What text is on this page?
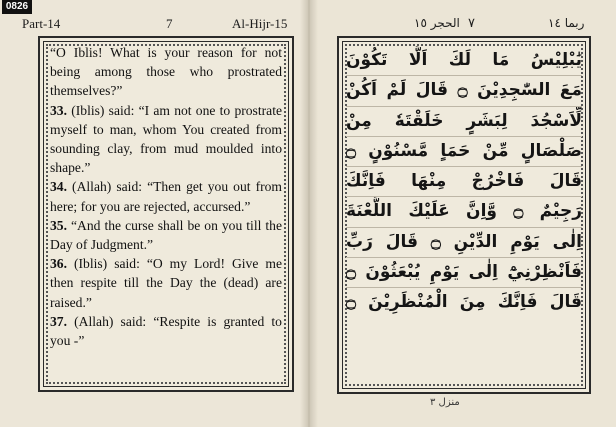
0826
Part-14	7	Al-Hijr-15	الحجر ١٥ ٧	ربما ١٤

“O Iblis! What is your reason for not being among those who prostrated themselves?”

33. (Iblis) said: “I am not one to prostrate myself to man, whom You created from sounding clay, from mud moulded into shape.”

34. (Allah) said: “Then get you out from here; for you are rejected, accursed.”

35. “And the curse shall be on you till the Day of Judgment.”

36. (Iblis) said: “O my Lord! Give me then respite till the Day the (dead) are raised.”

37. (Allah) said: “Respite is granted to you -”

يَٰٰبْلِيْسُ مَا لَكَ اَلَّا تَكُوْنَ
مَعَ السّٰجِدِيْنَ ۝ قَالَ لَمْ اَكُنْ
لِّاَسْجُدَ لِبَشَرٍ خَلَقْتَهٗ مِنْ
صَلْصَالٍ مِّنْ حَمَاٍ مَّسْنُوْنٍ ۝
قَالَ فَاخْرُجْ مِنْهَا فَاِنَّكَ
رَجِيْمٌ ۝ وَّاِنَّ عَلَيْكَ اللَّعْنَةَ
اِلٰى يَوْمِ الدِّيْنِ ۝ قَالَ رَبِّ
فَاَنْظِرْنِيْٓ اِلٰى يَوْمِ يُبْعَثُوْنَ ۝
قَالَ فَاِنَّكَ مِنَ الْمُنْظَرِيْنَ ۝
منزل ٣
